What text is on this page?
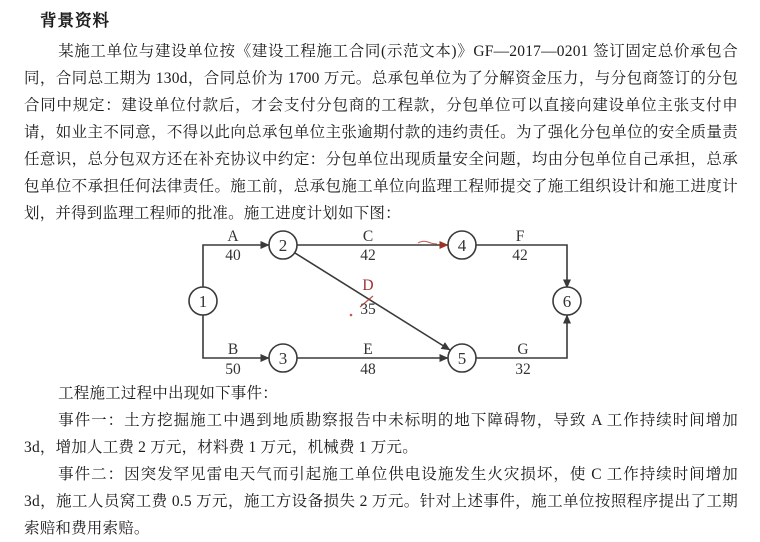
背景资料

某施工单位与建设单位按《建设工程施工合同(示范文本)》GF—2017—0201 签订固定总价承包合同，合同总工期为 130d，合同总价为 1700 万元。总承包单位为了分解资金压力，与分包商签订的分包合同中规定：建设单位付款后，才会支付分包商的工程款，分包单位可以直接向建设单位主张支付申请，如业主不同意，不得以此向总承包单位主张逾期付款的违约责任。为了强化分包单位的安全质量责任意识，总分包双方还在补充协议中约定：分包单位出现质量安全问题，均由分包单位自己承担，总承包单位不承担任何法律责任。施工前，总承包施工单位向监理工程师提交了施工组织设计和施工进度计划，并得到监理工程师的批准。施工进度计划如下图：

1
2
3
4
5
6
A
40
C
42
F
42
D
35
B
50
E
48
G
32

工程施工过程中出现如下事件：

事件一：土方挖掘施工中遇到地质勘察报告中未标明的地下障碍物，导致 A 工作持续时间增加 3d，增加人工费 2 万元，材料费 1 万元，机械费 1 万元。

事件二：因突发罕见雷电天气而引起施工单位供电设施发生火灾损坏，使 C 工作持续时间增加 3d，施工人员窝工费 0.5 万元，施工方设备损失 2 万元。针对上述事件，施工单位按照程序提出了工期索赔和费用索赔。
